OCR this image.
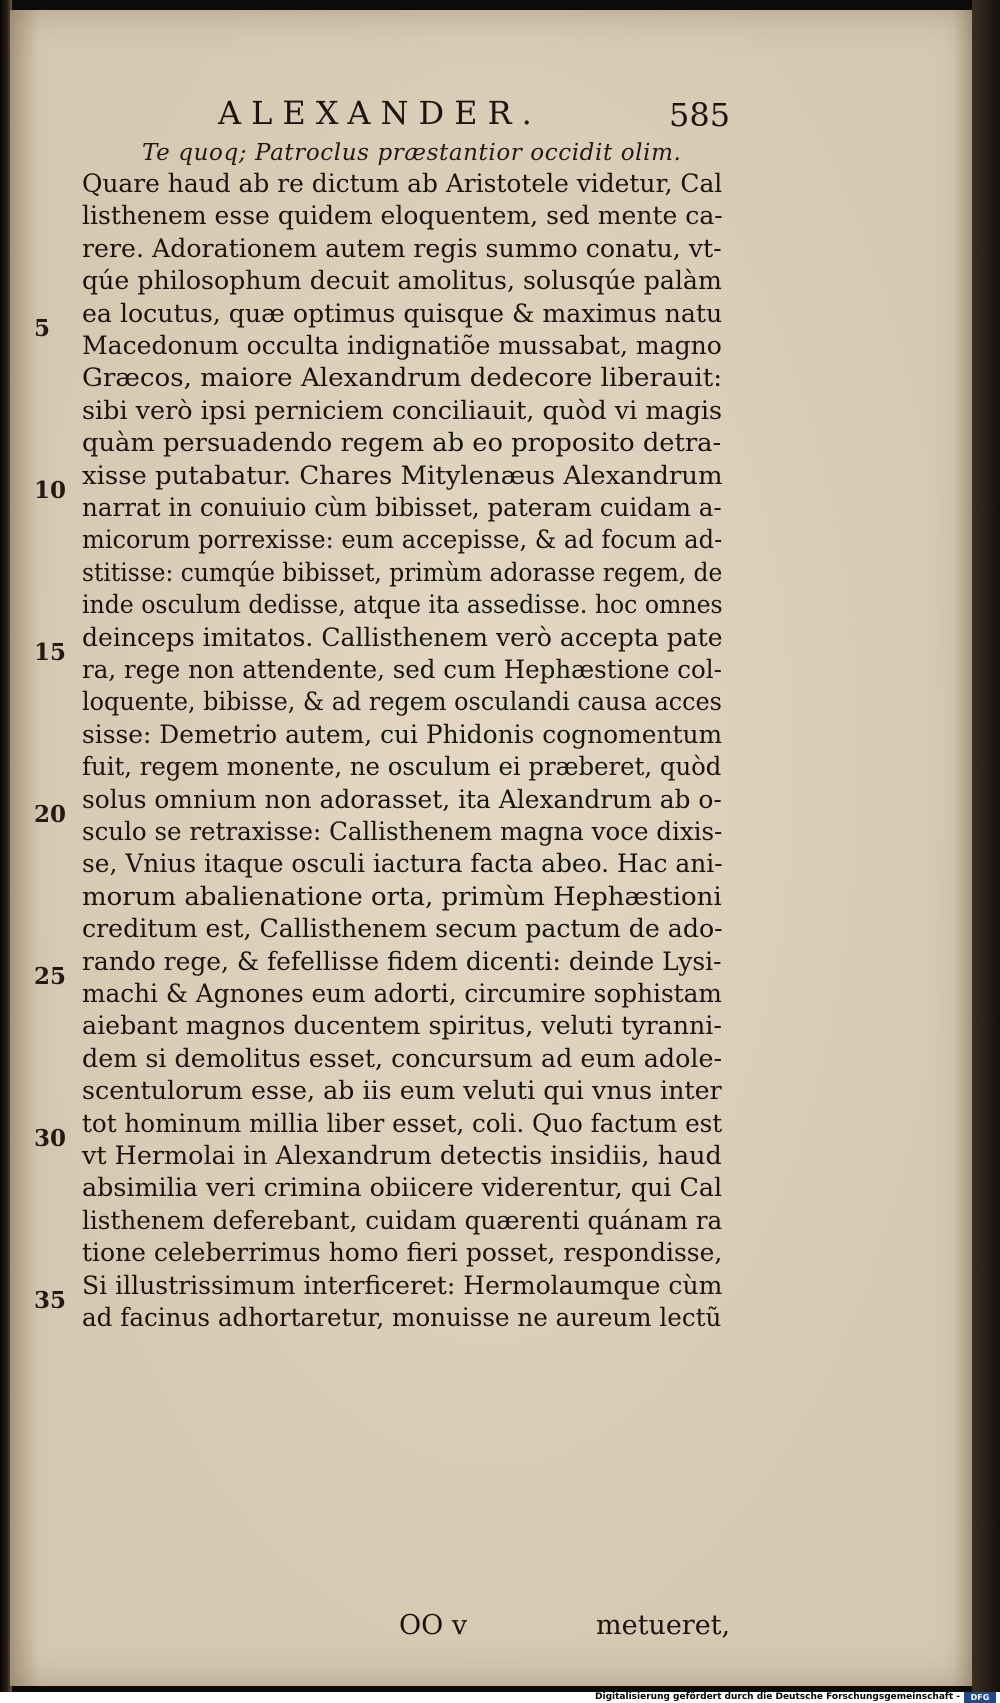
ALEXANDER.	585
Te quoq; Patroclus præstantior occidit olim.
Quare haud ab re dictum ab Aristotele videtur, Cal
listhenem esse quidem eloquentem, sed mente ca-
rere. Adorationem autem regis summo conatu, vt-
qúe philosophum decuit amolitus, solusqúe palàm
ea locutus, quæ optimus quisque & maximus natu
Macedonum occulta indignatiõe mussabat, magno
Græcos, maiore Alexandrum dedecore liberauit:
sibi verò ipsi perniciem conciliauit, quòd vi magis
quàm persuadendo regem ab eo proposito detra-
xisse putabatur. Chares Mitylenæus Alexandrum
narrat in conuiuio cùm bibisset, pateram cuidam a-
micorum porrexisse: eum accepisse, & ad focum ad-
stitisse: cumqúe bibisset, primùm adorasse regem, de
inde osculum dedisse, atque ita assedisse. hoc omnes
deinceps imitatos. Callisthenem verò accepta pate
ra, rege non attendente, sed cum Hephæstione col-
loquente, bibisse, & ad regem osculandi causa acces
sisse: Demetrio autem, cui Phidonis cognomentum
fuit, regem monente, ne osculum ei præberet, quòd
solus omnium non adorasset, ita Alexandrum ab o-
sculo se retraxisse: Callisthenem magna voce dixis-
se, Vnius itaque osculi iactura facta abeo. Hac ani-
morum abalienatione orta, primùm Hephæstioni
creditum est, Callisthenem secum pactum de ado-
rando rege, & fefellisse fidem dicenti: deinde Lysi-
machi & Agnones eum adorti, circumire sophistam
aiebant magnos ducentem spiritus, veluti tyranni-
dem si demolitus esset, concursum ad eum adole-
scentulorum esse, ab iis eum veluti qui vnus inter
tot hominum millia liber esset, coli. Quo factum est
vt Hermolai in Alexandrum detectis insidiis, haud
absimilia veri crimina obiicere viderentur, qui Cal
listhenem deferebant, cuidam quærenti quánam ra
tione celeberrimus homo fieri posset, respondisse,
Si illustrissimum interficeret: Hermolaumque cùm
ad facinus adhortaretur, monuisse ne aureum lectũ
5
10
15
20
25
30
35
OO v	metueret,
Digitalisierung gefördert durch die Deutsche Forschungsgemeinschaft -	DFG
